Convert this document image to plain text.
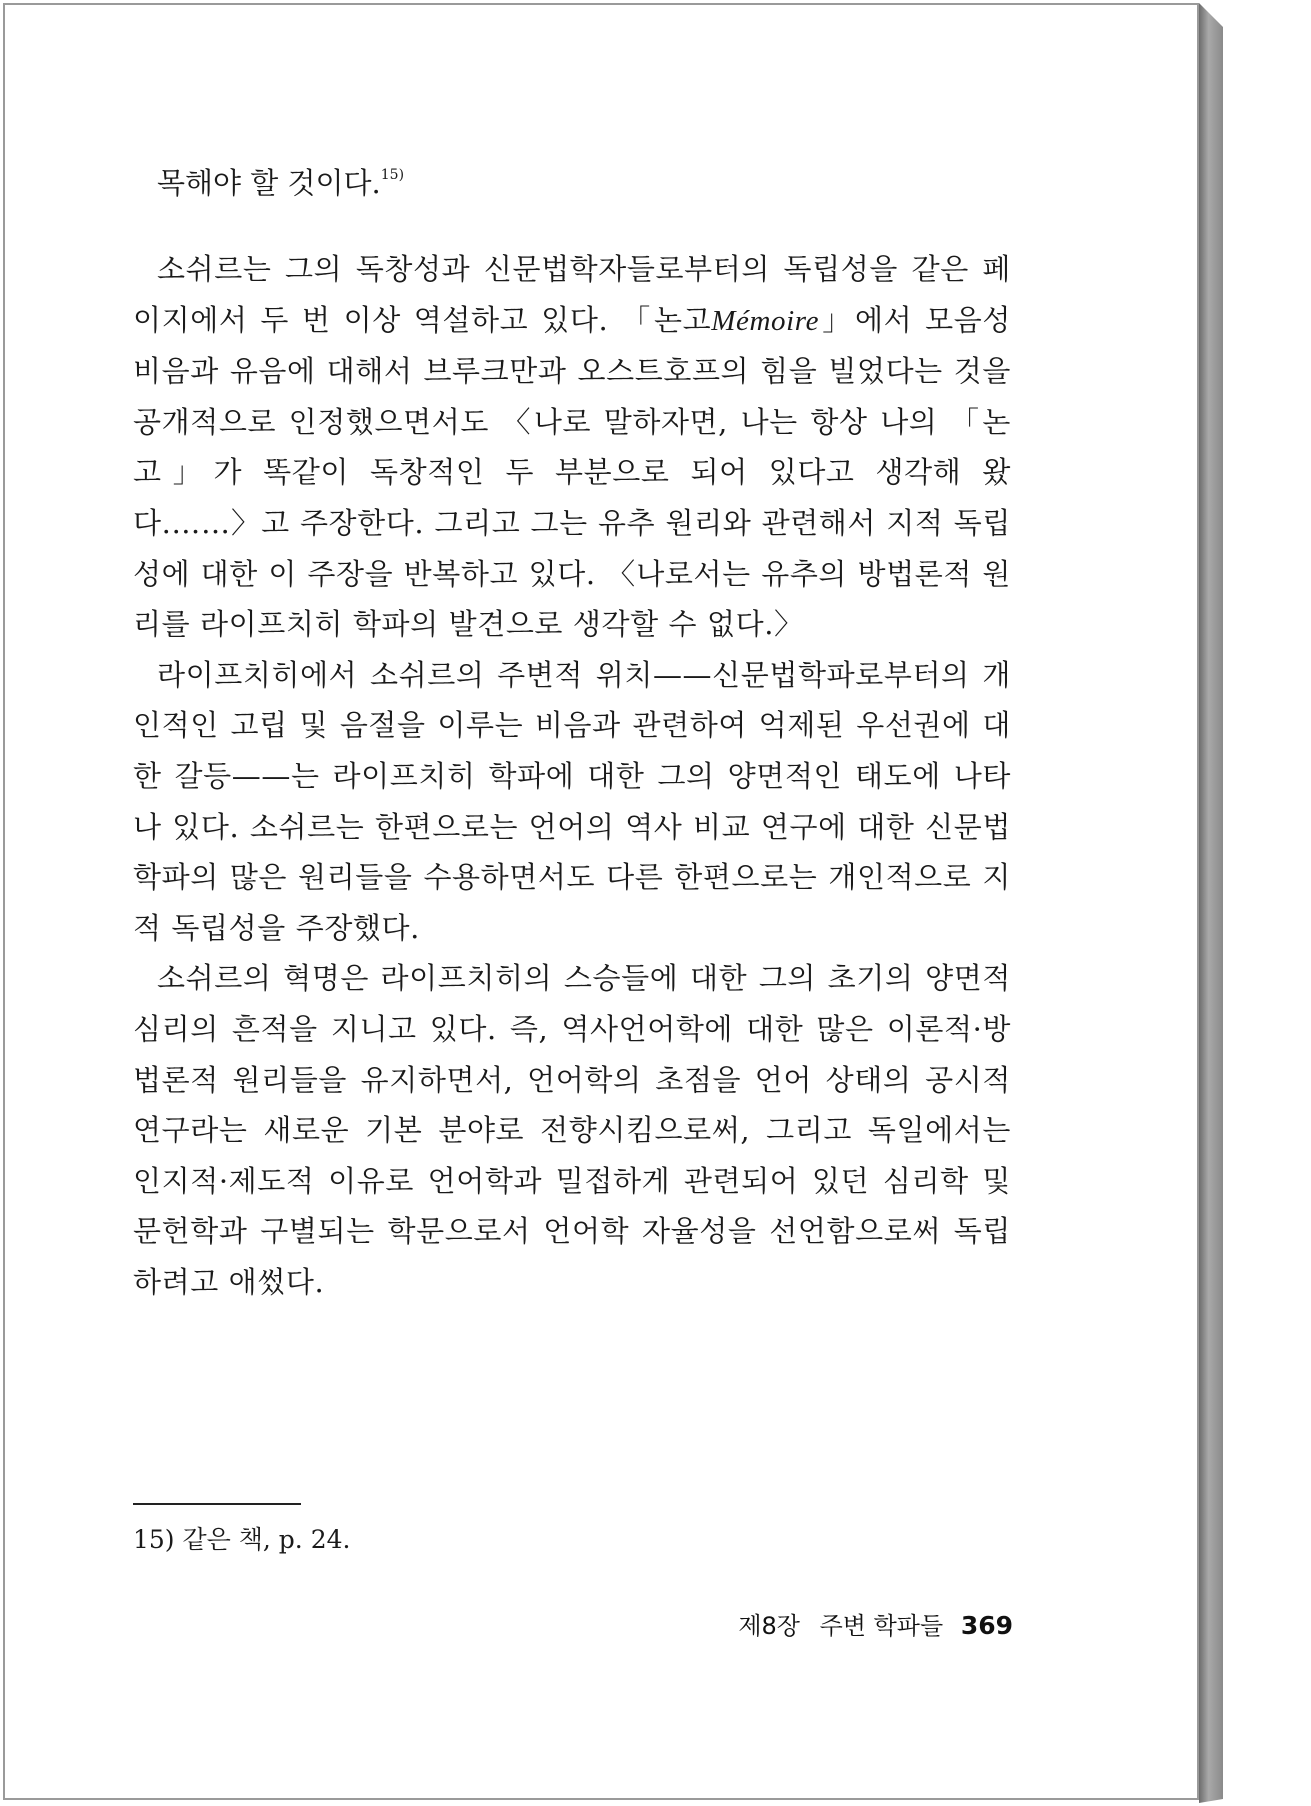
목해야 할 것이다.$^{15)}$

소쉬르는 그의 독창성과 신문법학자들로부터의 독립성을 같은 페이지에서 두 번 이상 역설하고 있다. 「논고Mémoire」에서 모음성 비음과 유음에 대해서 브루크만과 오스트호프의 힘을 빌었다는 것을 공개적으로 인정했으면서도 〈나로 말하자면, 나는 항상 나의 「논고」가 똑같이 독창적인 두 부분으로 되어 있다고 생각해 왔다.……〉고 주장한다. 그리고 그는 유추 원리와 관련해서 지적 독립성에 대한 이 주장을 반복하고 있다. 〈나로서는 유추의 방법론적 원리를 라이프치히 학파의 발견으로 생각할 수 없다.〉

라이프치히에서 소쉬르의 주변적 위치——신문법학파로부터의 개인적인 고립 및 음절을 이루는 비음과 관련하여 억제된 우선권에 대한 갈등——는 라이프치히 학파에 대한 그의 양면적인 태도에 나타나 있다. 소쉬르는 한편으로는 언어의 역사 비교 연구에 대한 신문법학파의 많은 원리들을 수용하면서도 다른 한편으로는 개인적으로 지적 독립성을 주장했다.

소쉬르의 혁명은 라이프치히의 스승들에 대한 그의 초기의 양면적 심리의 흔적을 지니고 있다. 즉, 역사언어학에 대한 많은 이론적·방법론적 원리들을 유지하면서, 언어학의 초점을 언어 상태의 공시적 연구라는 새로운 기본 분야로 전향시킴으로써, 그리고 독일에서는 인지적·제도적 이유로 언어학과 밀접하게 관련되어 있던 심리학 및 문헌학과 구별되는 학문으로서 언어학 자율성을 선언함으로써 독립하려고 애썼다.

15) 같은 책, p. 24.
제8장 주변 학파들 369
